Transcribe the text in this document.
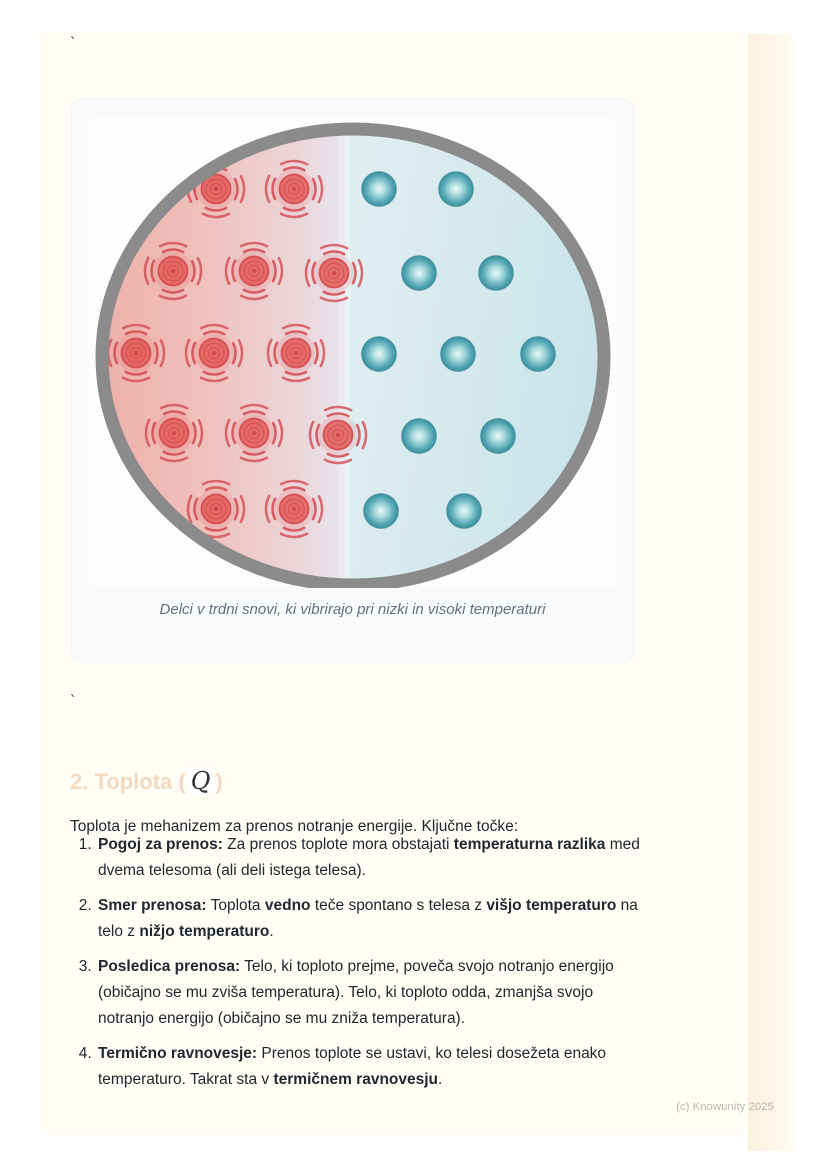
`
Delci v trdni snovi, ki vibrirajo pri nizki in visoki temperaturi
`
2. Toplota ( Q )

Toplota je mehanizem za prenos notranje energije. Ključne točke:

1. Pogoj za prenos: Za prenos toplote mora obstajati temperaturna razlika med dvema telesoma (ali deli istega telesa).
2. Smer prenosa: Toplota vedno teče spontano s telesa z višjo temperaturo na telo z nižjo temperaturo.
3. Posledica prenosa: Telo, ki toploto prejme, poveča svojo notranjo energijo (običajno se mu zviša temperatura). Telo, ki toploto odda, zmanjša svojo notranjo energijo (običajno se mu zniža temperatura).
4. Termično ravnovesje: Prenos toplote se ustavi, ko telesi dosežeta enako temperaturo. Takrat sta v termičnem ravnovesju.
(c) Knowunity 2025
